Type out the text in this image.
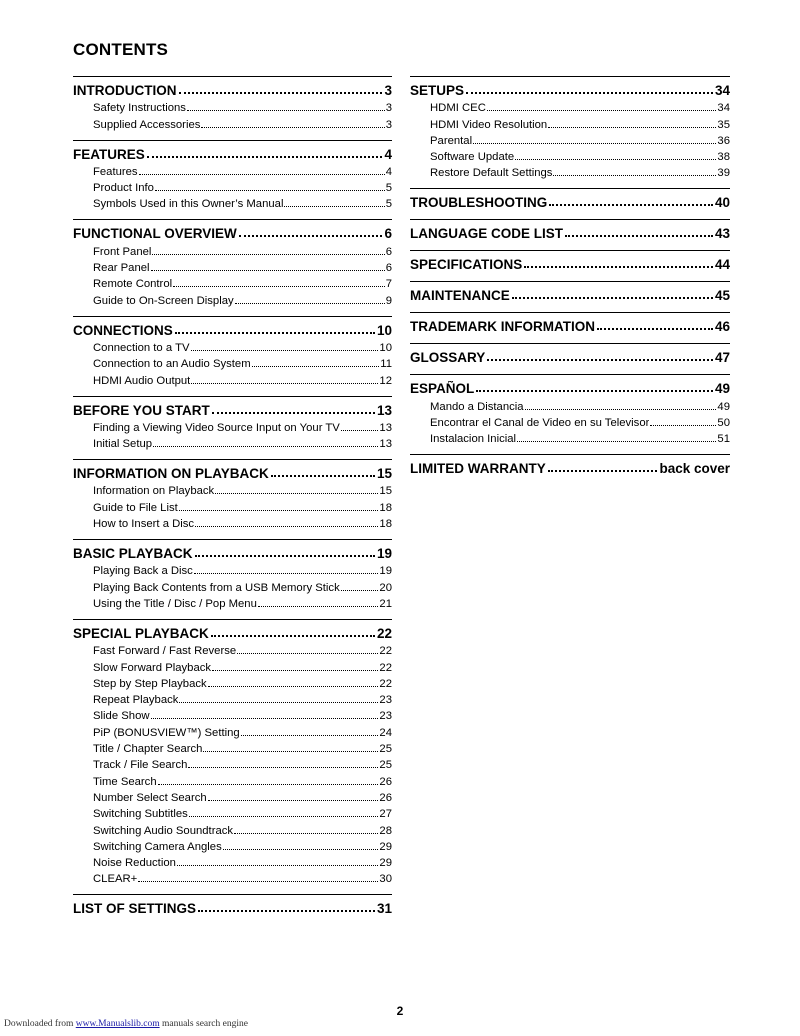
CONTENTS
INTRODUCTION	3
Safety Instructions	3
Supplied Accessories	3
FEATURES	4
Features	4
Product Info	5
Symbols Used in this Owner’s Manual	5
FUNCTIONAL OVERVIEW	6
Front Panel	6
Rear Panel	6
Remote Control	7
Guide to On-Screen Display	9
CONNECTIONS	10
Connection to a TV	10
Connection to an Audio System	11
HDMI Audio Output	12
BEFORE YOU START	13
Finding a Viewing Video Source Input on Your TV	13
Initial Setup	13
INFORMATION ON PLAYBACK	15
Information on Playback	15
Guide to File List	18
How to Insert a Disc	18
BASIC PLAYBACK	19
Playing Back a Disc	19
Playing Back Contents from a USB Memory Stick	20
Using the Title / Disc / Pop Menu	21
SPECIAL PLAYBACK	22
Fast Forward / Fast Reverse	22
Slow Forward Playback	22
Step by Step Playback	22
Repeat Playback	23
Slide Show	23
PiP (BONUSVIEW™) Setting	24
Title / Chapter Search	25
Track / File Search	25
Time Search	26
Number Select Search	26
Switching Subtitles	27
Switching Audio Soundtrack	28
Switching Camera Angles	29
Noise Reduction	29
CLEAR+	30
LIST OF SETTINGS	31
SETUPS	34
HDMI CEC	34
HDMI Video Resolution	35
Parental	36
Software Update	38
Restore Default Settings	39
TROUBLESHOOTING	40
LANGUAGE CODE LIST	43
SPECIFICATIONS	44
MAINTENANCE	45
TRADEMARK INFORMATION	46
GLOSSARY	47
ESPAÑOL	49
Mando a Distancia	49
Encontrar el Canal de Video en su Televisor	50
Instalacion Inicial	51
LIMITED WARRANTY	back cover
2
Downloaded from www.Manualslib.com manuals search engine
